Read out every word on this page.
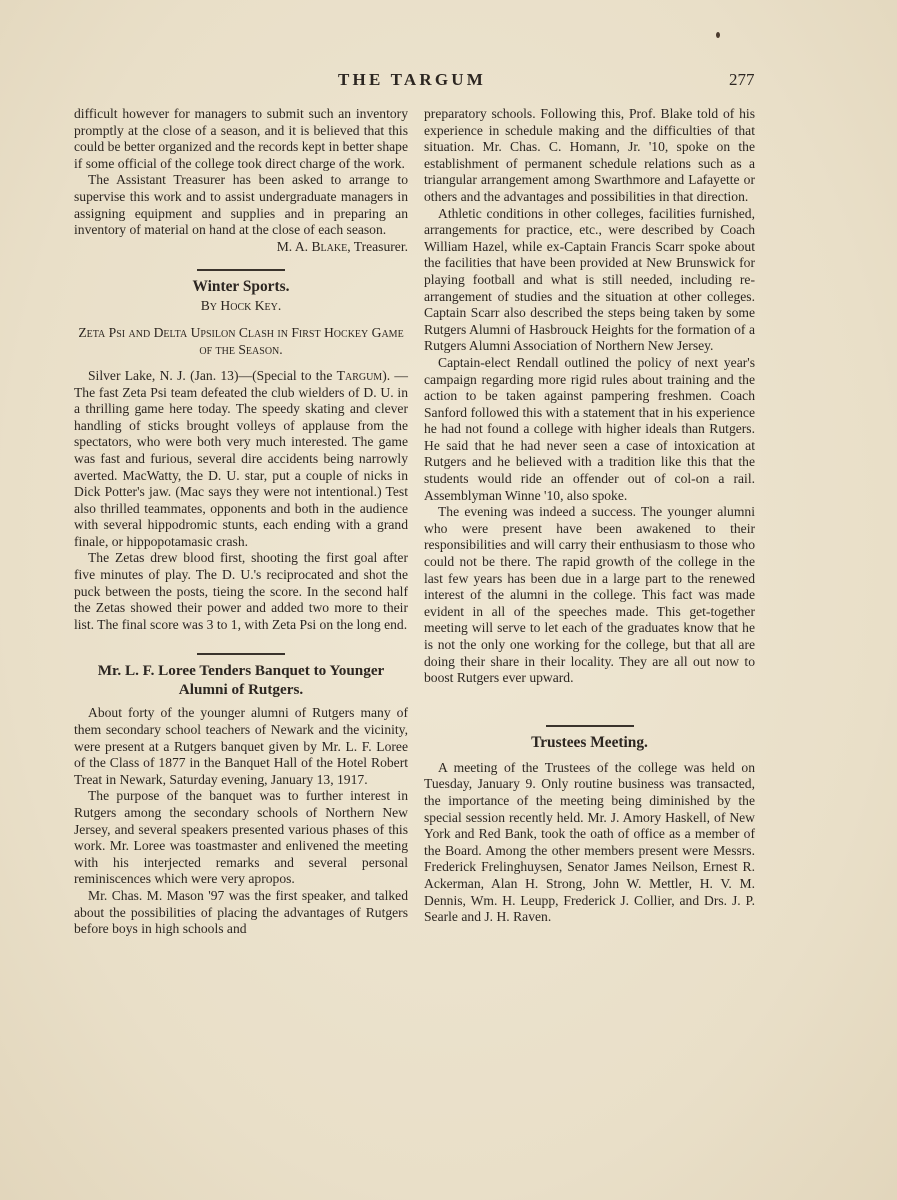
THE TARGUM	277

difficult however for managers to submit such an inventory promptly at the close of a season, and it is believed that this could be better organized and the records kept in better shape if some official of the college took direct charge of the work.

The Assistant Treasurer has been asked to arrange to supervise this work and to assist undergraduate managers in assigning equipment and supplies and in preparing an inventory of material on hand at the close of each season.

M. A. Blake, Treasurer.

Winter Sports.
By Hock Key.
Zeta Psi and Delta Upsilon Clash in First Hockey Game of the Season.

Silver Lake, N. J. (Jan. 13)—(Special to the Targum). — The fast Zeta Psi team defeated the club wielders of D. U. in a thrilling game here today. The speedy skating and clever handling of sticks brought volleys of applause from the spectators, who were both very much interested. The game was fast and furious, several dire accidents being narrowly averted. MacWatty, the D. U. star, put a couple of nicks in Dick Potter's jaw. (Mac says they were not intentional.) Test also thrilled teammates, opponents and both in the audience with several hippodromic stunts, each ending with a grand finale, or hippopotamasic crash.

The Zetas drew blood first, shooting the first goal after five minutes of play. The D. U.'s reciprocated and shot the puck between the posts, tieing the score. In the second half the Zetas showed their power and added two more to their list. The final score was 3 to 1, with Zeta Psi on the long end.

Mr. L. F. Loree Tenders Banquet to Younger Alumni of Rutgers.

About forty of the younger alumni of Rutgers many of them secondary school teachers of Newark and the vicinity, were present at a Rutgers banquet given by Mr. L. F. Loree of the Class of 1877 in the Banquet Hall of the Hotel Robert Treat in Newark, Saturday evening, January 13, 1917.

The purpose of the banquet was to further interest in Rutgers among the secondary schools of Northern New Jersey, and several speakers presented various phases of this work. Mr. Loree was toastmaster and enlivened the meeting with his interjected remarks and several personal reminiscences which were very apropos.

Mr. Chas. M. Mason '97 was the first speaker, and talked about the possibilities of placing the advantages of Rutgers before boys in high schools and

preparatory schools. Following this, Prof. Blake told of his experience in schedule making and the difficulties of that situation. Mr. Chas. C. Homann, Jr. '10, spoke on the establishment of permanent schedule relations such as a triangular arrangement among Swarthmore and Lafayette or others and the advantages and possibilities in that direction.

Athletic conditions in other colleges, facilities furnished, arrangements for practice, etc., were described by Coach William Hazel, while ex-Captain Francis Scarr spoke about the facilities that have been provided at New Brunswick for playing football and what is still needed, including re-arrangement of studies and the situation at other colleges. Captain Scarr also described the steps being taken by some Rutgers Alumni of Hasbrouck Heights for the formation of a Rutgers Alumni Association of Northern New Jersey.

Captain-elect Rendall outlined the policy of next year's campaign regarding more rigid rules about training and the action to be taken against pampering freshmen. Coach Sanford followed this with a statement that in his experience he had not found a college with higher ideals than Rutgers. He said that he had never seen a case of intoxication at Rutgers and he believed with a tradition like this that the students would ride an offender out of col-on a rail. Assemblyman Winne '10, also spoke.

The evening was indeed a success. The younger alumni who were present have been awakened to their responsibilities and will carry their enthusiasm to those who could not be there. The rapid growth of the college in the last few years has been due in a large part to the renewed interest of the alumni in the college. This fact was made evident in all of the speeches made. This get-together meeting will serve to let each of the graduates know that he is not the only one working for the college, but that all are doing their share in their locality. They are all out now to boost Rutgers ever upward.

Trustees Meeting.

A meeting of the Trustees of the college was held on Tuesday, January 9. Only routine business was transacted, the importance of the meeting being diminished by the special session recently held. Mr. J. Amory Haskell, of New York and Red Bank, took the oath of office as a member of the Board. Among the other members present were Messrs. Frederick Frelinghuysen, Senator James Neilson, Ernest R. Ackerman, Alan H. Strong, John W. Mettler, H. V. M. Dennis, Wm. H. Leupp, Frederick J. Collier, and Drs. J. P. Searle and J. H. Raven.
